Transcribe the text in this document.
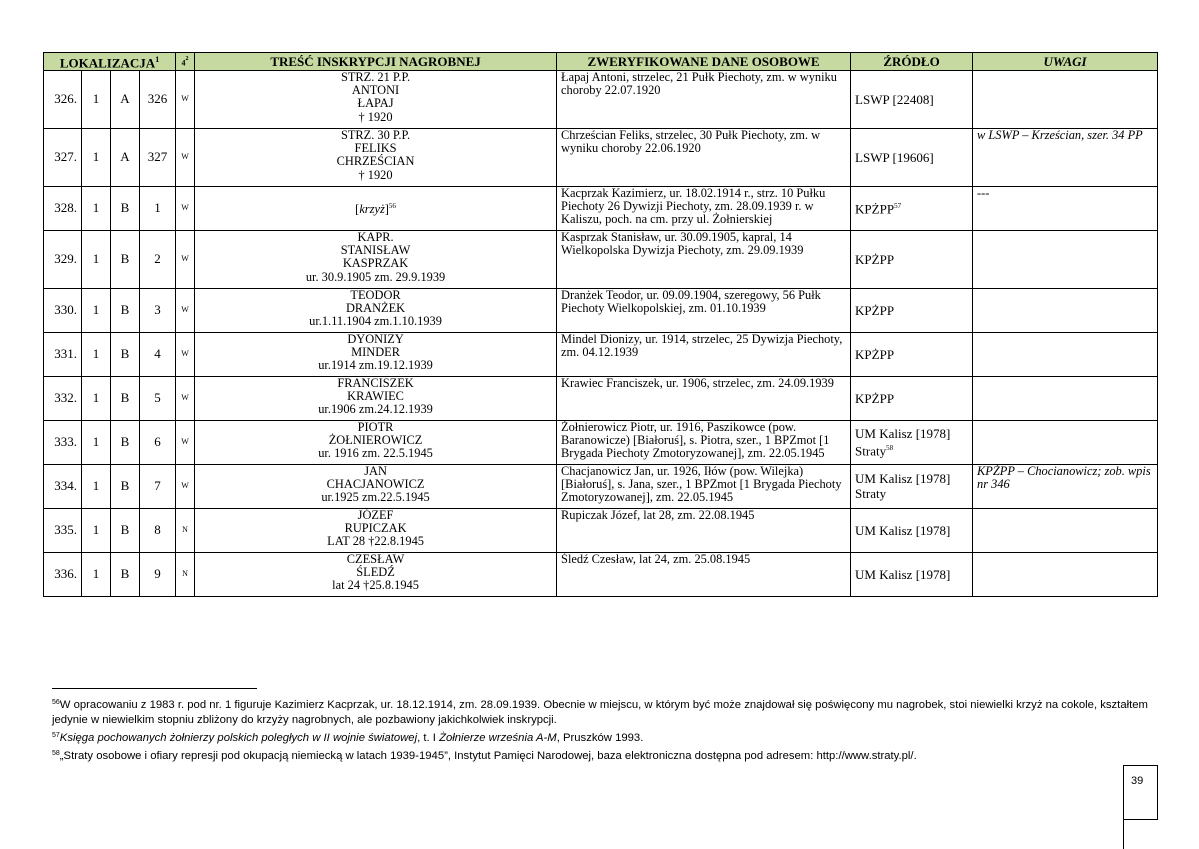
LOKALIZACJA$^1$				$4^2$	TREŚĆ INSKRYPCJI NAGROBNEJ	ZWERYFIKOWANE DANE OSOBOWE	ŹRÓDŁO	UWAGI
326.	1	A	326	W	STRZ. 21 P.P.
ANTONI
ŁAPAJ
† 1920	Łapaj Antoni, strzelec, 21 Pułk Piechoty, zm. w wyniku choroby 22.07.1920	LSWP [22408]	
327.	1	A	327	W	STRZ. 30 P.P.
FELIKS
CHRZEŚCIAN
† 1920	Chrześcian Feliks, strzelec, 30 Pułk Piechoty, zm. w wyniku choroby 22.06.1920	LSWP [19606]	w LSWP – Krześcian, szer. 34 PP
328.	1	B	1	W	[krzyż]$^{56}$	Kacprzak Kazimierz, ur. 18.02.1914 r., strz. 10 Pułku Piechoty 26 Dywizji Piechoty, zm. 28.09.1939 r. w Kaliszu, poch. na cm. przy ul. Żołnierskiej	KPŻPP$^{57}$	---
329.	1	B	2	W	KAPR.
STANISŁAW
KASPRZAK
ur. 30.9.1905 zm. 29.9.1939	Kasprzak Stanisław, ur. 30.09.1905, kapral, 14 Wielkopolska Dywizja Piechoty, zm. 29.09.1939	KPŻPP	
330.	1	B	3	W	TEODOR
DRANŻEK
ur.1.11.1904 zm.1.10.1939	Dranżek Teodor, ur. 09.09.1904, szeregowy, 56 Pułk Piechoty Wielkopolskiej, zm. 01.10.1939	KPŻPP	
331.	1	B	4	W	DYONIZY
MINDER
ur.1914 zm.19.12.1939	Mindel Dionizy, ur. 1914, strzelec, 25 Dywizja Piechoty, zm. 04.12.1939	KPŻPP	
332.	1	B	5	W	FRANCISZEK
KRAWIEC
ur.1906 zm.24.12.1939	Krawiec Franciszek, ur. 1906, strzelec, zm. 24.09.1939	KPŻPP	
333.	1	B	6	W	PIOTR
ŻOŁNIEROWICZ
ur. 1916 zm. 22.5.1945	Żołnierowicz Piotr, ur. 1916, Paszikowce (pow. Baranowicze) [Białoruś], s. Piotra, szer., 1 BPZmot [1 Brygada Piechoty Zmotoryzowanej], zm. 22.05.1945	UM Kalisz [1978]
Straty$^{58}$	
334.	1	B	7	W	JAN
CHACJANOWICZ
ur.1925 zm.22.5.1945	Chacjanowicz Jan, ur. 1926, Iłów (pow. Wilejka) [Białoruś], s. Jana, szer., 1 BPZmot [1 Brygada Piechoty Zmotoryzowanej], zm. 22.05.1945	UM Kalisz [1978]
Straty	KPŻPP – Chocianowicz; zob. wpis nr 346
335.	1	B	8	N	JÓZEF
RUPICZAK
LAT 28 †22.8.1945	Rupiczak Józef, lat 28, zm. 22.08.1945	UM Kalisz [1978]	
336.	1	B	9	N	CZESŁAW
ŚLEDŹ
lat 24 †25.8.1945	Śledź Czesław, lat 24, zm. 25.08.1945	UM Kalisz [1978]	

$^{56}$W opracowaniu z 1983 r. pod nr. 1 figuruje Kazimierz Kacprzak, ur. 18.12.1914, zm. 28.09.1939. Obecnie w miejscu, w którym być może znajdował się poświęcony mu nagrobek, stoi niewielki krzyż na cokole, kształtem jedynie w niewielkim stopniu zbliżony do krzyży nagrobnych, ale pozbawiony jakichkolwiek inskrypcji.

$^{57}$Księga pochowanych żołnierzy polskich poległych w II wojnie światowej, t. I Żołnierze września A-M, Pruszków 1993.

$^{58}$„Straty osobowe i ofiary represji pod okupacją niemiecką w latach 1939-1945”, Instytut Pamięci Narodowej, baza elektroniczna dostępna pod adresem: http://www.straty.pl/.

39
